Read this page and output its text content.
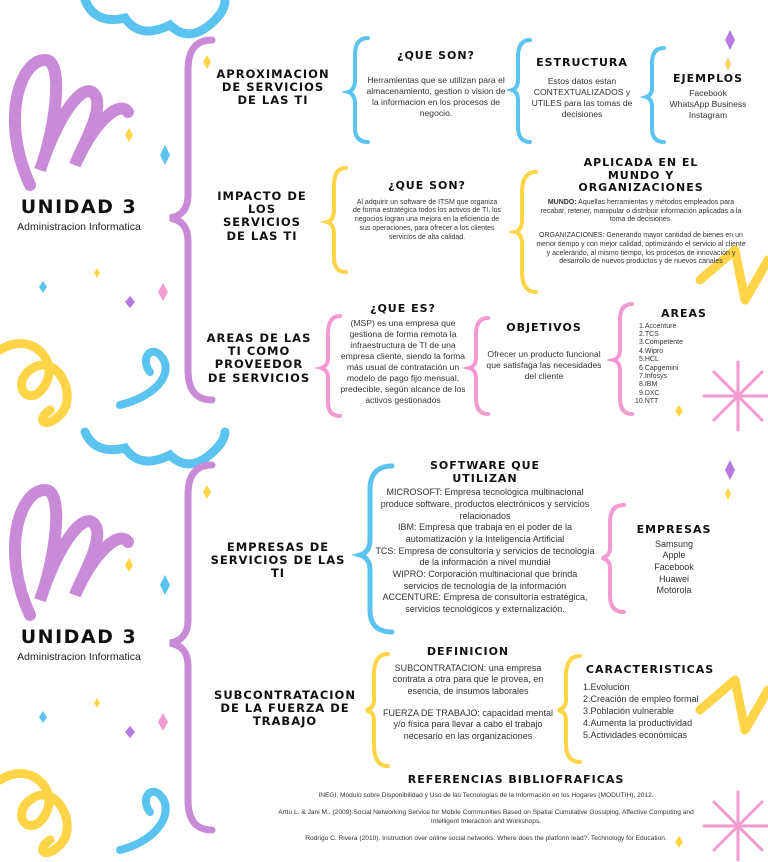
UNIDAD 3
Administracion Informatica
APROXIMACION DE SERVICIOS DE LAS TI
¿QUE SON?
Herramientas que se utilizan para el almacenamiento, gestion o vision de la informacion en los procesos de negocio.
ESTRUCTURA
Estos datos estan CONTEXTUALIZADOS y UTILES para las tomas de decisiones
EJEMPLOS
Facebook
WhatsApp Business
Instagram
IMPACTO DE LOS SERVICIOS DE LAS TI
¿QUE SON?
Al adquirir un software de ITSM que organiza de forma estratégica todos los activos de TI, los negocios logran una mejora en la eficiencia de sus operaciones, para ofrecer a los clientes servicios de alta calidad.
APLICADA EN EL MUNDO Y ORGANIZACIONES
MUNDO: Aquellas herramientas y métodos empleados para recabar, retener, manipular o distribuir información aplicadas a la toma de decisiones.
ORGANIZACIONES: Generando mayor cantidad de bienes en un menor tiempo y con mejor calidad, optimizando el servicio al cliente y acelerando, al mismo tiempo, los procesos de innovación y desarrollo de nuevos productos y de nuevos canales
AREAS DE LAS TI COMO PROVEEDOR DE SERVICIOS
¿QUE ES?
(MSP) es una empresa que gestiona de forma remota la infraestructura de TI de una empresa cliente, siendo la forma más usual de contratación un modelo de pago fijo mensual, predecible, según alcance de los activos gestionados
OBJETIVOS
Ofrecer un producto funcional que satisfaga las necesidades del cliente
AREAS
1.Accenture
2.TCS
3.Competente
4.Wipro
5.HCL
6.Capgemini
7.Infosys
8.IBM
9.DXC
10.NTT
UNIDAD 3
Administracion Informatica
EMPRESAS DE SERVICIOS DE LAS TI
SOFTWARE QUE UTILIZAN
MICROSOFT: Empresa tecnológica multinacional produce software, productos electrónicos y servicios relacionados
IBM: Empresa que trabaja en el poder de la automatización y la Inteligencia Artificial
TCS: Empresa de consultoría y servicios de tecnología de la información a nivel mundial
WIPRO: Corporación multinacional que brinda servicios de tecnología de la información
ACCENTURE: Empresa de consultoría estratégica, servicios tecnológicos y externalización.
EMPRESAS
Samsung
Apple
Facebook
Huawei
Motorola
SUBCONTRATACION DE LA FUERZA DE TRABAJO
DEFINICION
SUBCONTRATACION: una empresa contrata a otra para que le provea, en esencia, de insumos laborales
FUERZA DE TRABAJO: capacidad mental y/o física para llevar a cabo el trabajo necesario en las organizaciones
CARACTERISTICAS
1.Evolución
2.Creación de empleo formal
3.Población vulnerable
4.Aumenta la productividad
5.Actividades económicas
REFERENCIAS BIBLIOFRAFICAS
INEGI, Módulo sobre Disponibilidad y Uso de las Tecnologías de la Información en los Hogares (MODUTIH), 2012.
Arttu L. & Jani M., (2009).Social Networking Service for Mobile Communities Based on Spatial Cumulative Gossiping, Affective Computing and Intelligent Interaction and Workshops.
Rodrigo C. Rivera (2010). Instruction over online social networks: Where does the platform lead?. Technology for Education.
